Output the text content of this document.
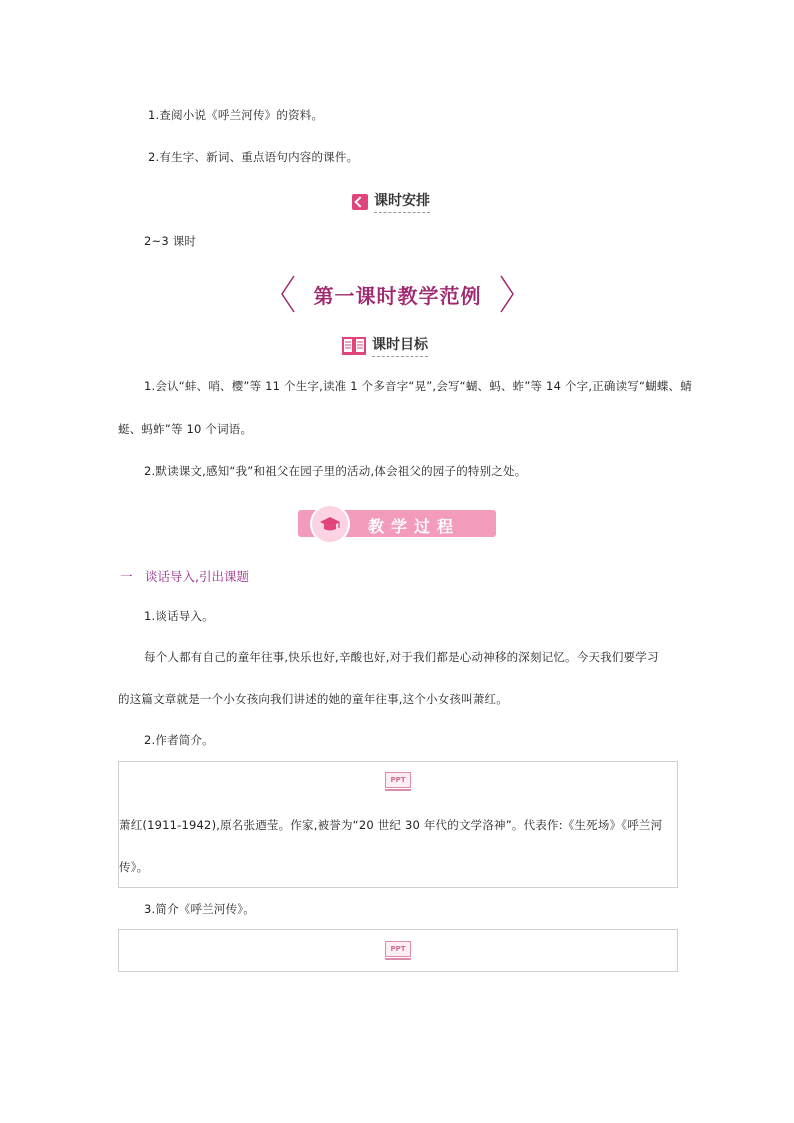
1.查阅小说《呼兰河传》的资料。
2.有生字、新词、重点语句内容的课件。
课时安排
2~3 课时
第一课时教学范例
课时目标
1.会认“蚌、哨、樱”等 11 个生字,读准 1 个多音字“晃”,会写“蝴、蚂、蚱”等 14 个字,正确读写“蝴蝶、蜻
蜓、蚂蚱”等 10 个词语。
2.默读课文,感知“我”和祖父在园子里的活动,体会祖父的园子的特别之处。
教学过程
一　谈话导入,引出课题
1.谈话导入。
每个人都有自己的童年往事,快乐也好,辛酸也好,对于我们都是心动神移的深刻记忆。今天我们要学习
的这篇文章就是一个小女孩向我们讲述的她的童年往事,这个小女孩叫萧红。
2.作者简介。
PPT
萧红(1911-1942),原名张迺莹。作家,被誉为“20 世纪 30 年代的文学洛神”。代表作:《生死场》《呼兰河
传》。
3.简介《呼兰河传》。
PPT
